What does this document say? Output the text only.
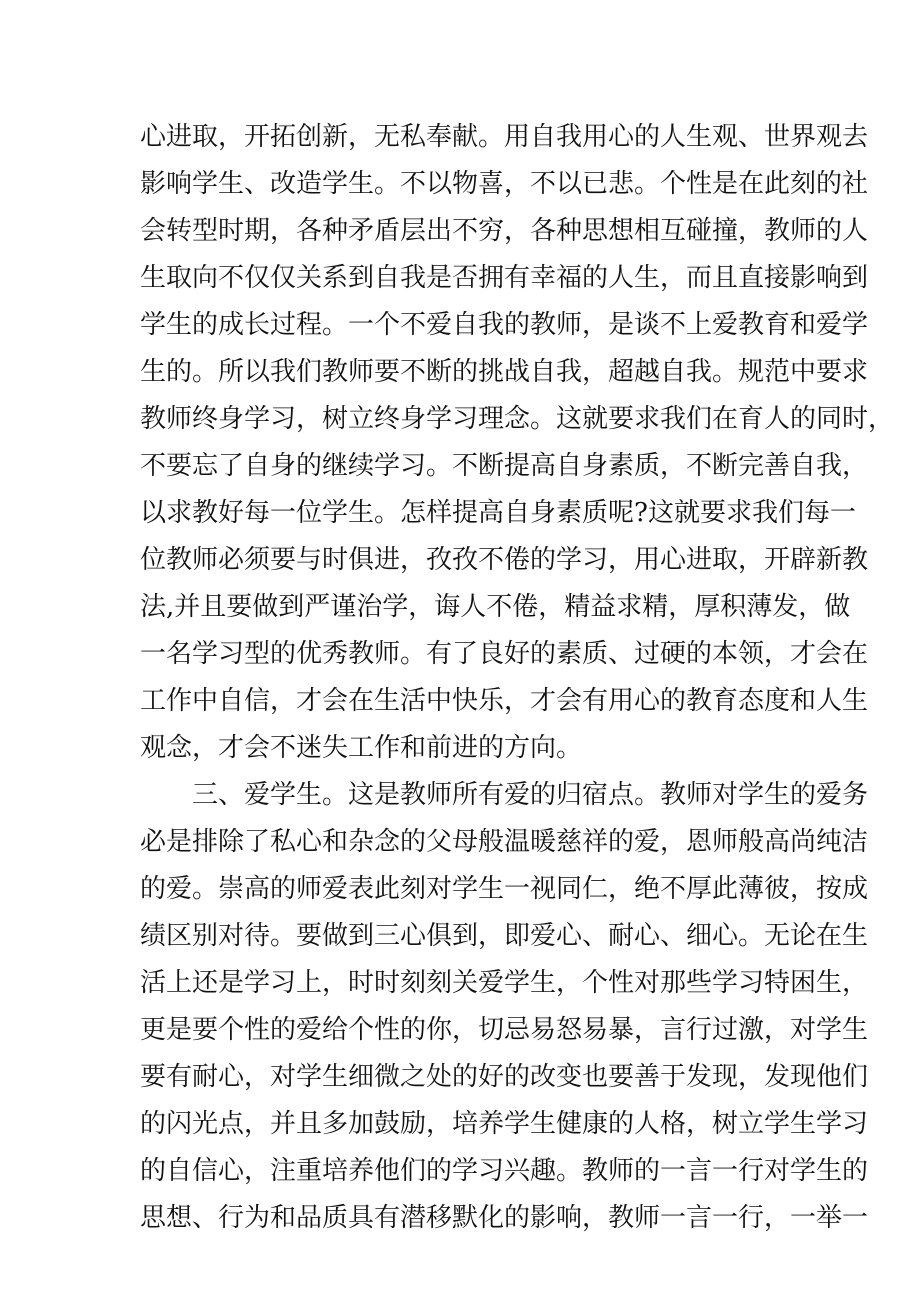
心进取，开拓创新，无私奉献。用自我用心的人生观、世界观去
影响学生、改造学生。不以物喜，不以已悲。个性是在此刻的社
会转型时期，各种矛盾层出不穷，各种思想相互碰撞，教师的人
生取向不仅仅关系到自我是否拥有幸福的人生，而且直接影响到
学生的成长过程。一个不爱自我的教师，是谈不上爱教育和爱学
生的。所以我们教师要不断的挑战自我，超越自我。规范中要求
教师终身学习，树立终身学习理念。这就要求我们在育人的同时，
不要忘了自身的继续学习。不断提高自身素质，不断完善自我，
以求教好每一位学生。怎样提高自身素质呢?这就要求我们每一
位教师必须要与时俱进，孜孜不倦的学习，用心进取，开辟新教
法,并且要做到严谨治学，诲人不倦，精益求精，厚积薄发，做
一名学习型的优秀教师。有了良好的素质、过硬的本领，才会在
工作中自信，才会在生活中快乐，才会有用心的教育态度和人生
观念，才会不迷失工作和前进的方向。
三、爱学生。这是教师所有爱的归宿点。教师对学生的爱务
必是排除了私心和杂念的父母般温暖慈祥的爱，恩师般高尚纯洁
的爱。崇高的师爱表此刻对学生一视同仁，绝不厚此薄彼，按成
绩区别对待。要做到三心俱到，即爱心、耐心、细心。无论在生
活上还是学习上，时时刻刻关爱学生，个性对那些学习特困生，
更是要个性的爱给个性的你，切忌易怒易暴，言行过激，对学生
要有耐心，对学生细微之处的好的改变也要善于发现，发现他们
的闪光点，并且多加鼓励，培养学生健康的人格，树立学生学习
的自信心，注重培养他们的学习兴趣。教师的一言一行对学生的
思想、行为和品质具有潜移默化的影响，教师一言一行，一举一
